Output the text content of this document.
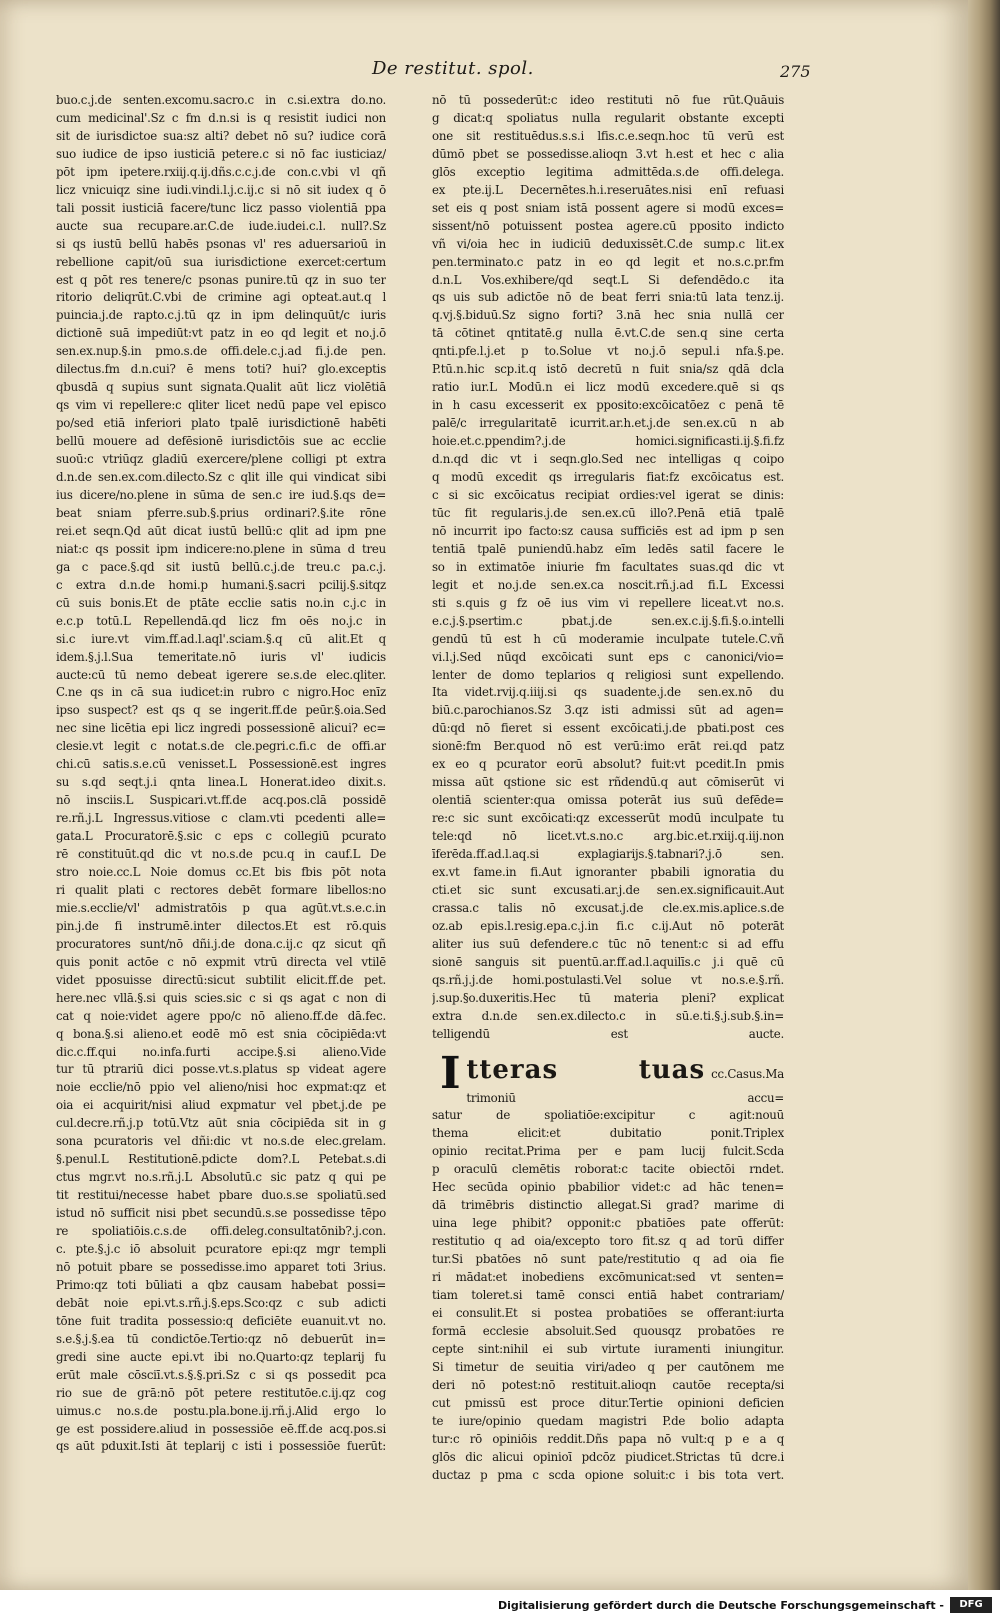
De restitut. spol.	275
buo.c.j.de senten.excomu.sacro.c in c.si.extra do.no.
cum medicinal'.Sz c fm d.n.si is q resistit iudici non
sit de iurisdictoe sua:sz alti? debet nō su? iudice corā
suo iudice de ipso iusticiā petere.c si nō fac iusticiaz/
pōt ipm ipetere.rxiij.q.ij.dñs.c.c.j.de con.c.vbi vl qñ
licz vnicuiqz sine iudi.vindi.l.j.c.ij.c si nō sit iudex q ō
tali possit iusticiā facere/tunc licz passo violentiā ppa
aucte sua recupare.ar.C.de iude.iudei.c.l. null?.Sz
si qs iustū bellū habēs psonas vl' res aduersarioū in
rebellione capit/oū sua iurisdictione exercet:certum
est q pōt res tenere/c psonas punire.tū qz in suo ter
ritorio deliqrūt.C.vbi de crimine agi opteat.aut.q l
puincia.j.de rapto.c.j.tū qz in ipm delinquūt/c iuris
dictionē suā impediūt:vt patz in eo qd legit et no.j.ō
sen.ex.nup.§.in pmo.s.de offi.dele.c.j.ad fi.j.de pen.
dilectus.fm d.n.cui? ē mens toti? hui? glo.exceptis
qbusdā q supius sunt signata.Qualit aūt licz violētiā
qs vim vi repellere:c qliter licet nedū pape vel episco
po/sed etiā inferiori plato tpalē iurisdictionē habēti
bellū mouere ad defēsionē iurisdictōis sue ac ecclie
suoū:c vtriūqz gladiū exercere/plene colligi pt extra
d.n.de sen.ex.com.dilecto.Sz c qlit ille qui vindicat sibi
ius dicere/no.plene in sūma de sen.c ire iud.§.qs de=
beat sniam pferre.sub.§.prius ordinari?.§.ite rōne
rei.et seqn.Qd aūt dicat iustū bellū:c qlit ad ipm pne
niat:c qs possit ipm indicere:no.plene in sūma d treu
ga c pace.§.qd sit iustū bellū.c.j.de treu.c pa.c.j.
c extra d.n.de homi.p humani.§.sacri pcilij.§.sitqz
cū suis bonis.Et de ptāte ecclie satis no.in c.j.c in
e.c.p totū.L Repellendā.qd licz fm oēs no.j.c in
si.c iure.vt vim.ff.ad.l.aql'.sciam.§.q cū alit.Et q
idem.§.j.l.Sua temeritate.nō iuris vl' iudicis
aucte:cū tū nemo debeat igerere se.s.de elec.qliter.
C.ne qs in cā sua iudicet:in rubro c nigro.Hoc enīz
ipso suspect? est qs q se ingerit.ff.de peūr.§.oia.Sed
nec sine licētia epi licz ingredi possessionē alicui? ec=
clesie.vt legit c notat.s.de cle.pegri.c.fi.c de offi.ar
chi.cū satis.s.e.cū venisset.L Possessionē.est ingres
su s.qd seqt.j.i qnta linea.L Honerat.ideo dixit.s.
nō insciis.L Suspicari.vt.ff.de acq.pos.clā possidē
re.rñ.j.L Ingressus.vitiose c clam.vti pcedenti alle=
gata.L Procuratorē.§.sic c eps c collegiū pcurato
rē constituūt.qd dic vt no.s.de pcu.q in cauf.L De
stro noie.cc.L Noie domus cc.Et bis fbis pōt nota
ri qualit plati c rectores debēt formare libellos:no
mie.s.ecclie/vl' admistratōis p qua agūt.vt.s.e.c.in
pin.j.de fi instrumē.inter dilectos.Et est rō.quis
procuratores sunt/nō dñi.j.de dona.c.ij.c qz sicut qñ
quis ponit actōe c nō expmit vtrū directa vel vtilē
videt pposuisse directū:sicut subtilit elicit.ff.de pet.
here.nec vllā.§.si quis scies.sic c si qs agat c non di
cat q noie:videt agere ppo/c nō alieno.ff.de dā.fec.
q bona.§.si alieno.et eodē mō est snia cōcipiēda:vt
dic.c.ff.qui no.infa.furti accipe.§.si alieno.Vide
tur tū ptrariū dici posse.vt.s.platus sp videat agere
noie ecclie/nō ppio vel alieno/nisi hoc expmat:qz et
oia ei acquirit/nisi aliud expmatur vel pbet.j.de pe
cul.decre.rñ.j.p totū.Vtz aūt snia cōcipiēda sit in g
sona pcuratoris vel dñi:dic vt no.s.de elec.grelam.
§.penul.L Restitutionē.pdicte dom?.L Petebat.s.di
ctus mgr.vt no.s.rñ.j.L Absolutū.c sic patz q qui pe
tit restitui/necesse habet pbare duo.s.se spoliatū.sed
istud nō sufficit nisi pbet secundū.s.se possedisse tēpo
re spoliatiōis.c.s.de offi.deleg.consultatōnib?.j.con.
c. pte.§.j.c iō absoluit pcuratore epi:qz mgr templi
nō potuit pbare se possedisse.imo apparet toti 3rius.
Primo:qz toti būliati a qbz causam habebat possi=
debāt noie epi.vt.s.rñ.j.§.eps.Sco:qz c sub adicti
tōne fuit tradita possessio:q deficiēte euanuit.vt no.
s.e.§.j.§.ea tū condictōe.Tertio:qz nō debuerūt in=
gredi sine aucte epi.vt ibi no.Quarto:qz teplarij fu
erūt male cōsciī.vt.s.§.§.pri.Sz c si qs possedit pca
rio sue de grā:nō pōt petere restitutōe.c.ij.qz cog
uimus.c no.s.de postu.pla.bone.ij.rñ.j.Alid ergo lo
ge est possidere.aliud in possessiōe eē.ff.de acq.pos.si
qs aūt pduxit.Isti āt teplarij c isti i possessiōe fuerūt:
nō tū possederūt:c ideo restituti nō fue rūt.Quāuis
g dicat:q spoliatus nulla regularit obstante excepti
one sit restituēdus.s.s.i lfis.c.e.seqn.hoc tū verū est
dūmō pbet se possedisse.alioqn 3.vt h.est et hec c alia
glōs exceptio legitima admittēda.s.de offi.delega.
ex pte.ij.L Decernētes.h.i.reseruātes.nisi enī refuasi
set eis q post sniam istā possent agere si modū exces=
sissent/nō potuissent postea agere.cū pposito indicto
vñ vi/oia hec in iudiciū deduxissēt.C.de sump.c lit.ex
pen.terminato.c patz in eo qd legit et no.s.c.pr.fm
d.n.L Vos.exhibere/qd seqt.L Si defendēdo.c ita
qs uis sub adictōe nō de beat ferri snia:tū lata tenz.ij.
q.vj.§.biduū.Sz signo forti? 3.nā hec snia nullā cer
tā cōtinet qntitatē.g nulla ē.vt.C.de sen.q sine certa
qnti.pfe.l.j.et p to.Solue vt no.j.ō sepul.i nfa.§.pe.
P.tū.n.hic scp.it.q istō decretū n fuit snia/sz qdā dcla
ratio iur.L Modū.n ei licz modū excedere.quē si qs
in h casu excesserit ex pposito:excōicatōez c penā tē
palē/c irregularitatē icurrit.ar.h.et.j.de sen.ex.cū n ab
hoie.et.c.ppendim?.j.de homici.significasti.ij.§.fi.fz
d.n.qd dic vt i seqn.glo.Sed nec intelligas q coipo
q modū excedit qs irregularis fiat:fz excōicatus est.
c si sic excōicatus recipiat ordies:vel igerat se dinis:
tūc fit regularis.j.de sen.ex.cū illo?.Penā etiā tpalē
nō incurrit ipo facto:sz causa sufficiēs est ad ipm p sen
tentiā tpalē puniendū.habz eīm ledēs satil facere le
so in extimatōe iniurie fm facultates suas.qd dic vt
legit et no.j.de sen.ex.ca noscit.rñ.j.ad fi.L Excessi
sti s.quis g fz oē ius vim vi repellere liceat.vt no.s.
e.c.j.§.psertim.c pbat.j.de sen.ex.c.ij.§.fi.§.o.intelli
gendū tū est h cū moderamie inculpate tutele.C.vñ
vi.l.j.Sed nūqd excōicati sunt eps c canonici/vio=
lenter de domo teplarios q religiosi sunt expellendo.
Ita videt.rvij.q.iiij.si qs suadente.j.de sen.ex.nō du
biū.c.parochianos.Sz 3.qz isti admissi sūt ad agen=
dū:qd nō fieret si essent excōicati.j.de pbati.post ces
sionē:fm Ber.quod nō est verū:imo erāt rei.qd patz
ex eo q pcurator eorū absolut? fuit:vt pcedit.In pmis
missa aūt qstione sic est rñdendū.q aut cōmiserūt vi
olentiā scienter:qua omissa poterāt ius suū defēde=
re:c sic sunt excōicati:qz excesserūt modū inculpate tu
tele:qd nō licet.vt.s.no.c arg.bic.et.rxiij.q.iij.non
īferēda.ff.ad.l.aq.si explagiarijs.§.tabnari?.j.ō sen.
ex.vt fame.in fi.Aut ignoranter pbabili ignoratia du
cti.et sic sunt excusati.ar.j.de sen.ex.significauit.Aut
crassa.c talis nō excusat.j.de cle.ex.mis.aplice.s.de
oz.ab epis.l.resig.epa.c.j.in fi.c c.ij.Aut nō poterāt
aliter ius suū defendere.c tūc nō tenent:c si ad effu
sionē sanguis sit puentū.ar.ff.ad.l.aquilīs.c j.i quē cū
qs.rñ.j.j.de homi.postulasti.Vel solue vt no.s.e.§.rñ.
j.sup.§o.duxeritis.Hec tū materia pleni? explicat
extra d.n.de sen.ex.dilecto.c in sū.e.ti.§.j.sub.§.in=
telligendū est aucte.
Itteras tuas cc.Casus.Ma
trimoniū accu=
satur de spoliatiōe:excipitur c agit:nouū
thema elicit:et dubitatio ponit.Triplex
opinio recitat.Prima per e pam lucij fulcit.Scda
p oraculū clemētis roborat:c tacite obiectōi rndet.
Hec secūda opinio pbabilior videt:c ad hāc tenen=
dā trimēbris distinctio allegat.Si grad? marime di
uina lege phibit? opponit:c pbatiōes pate offerūt:
restitutio q ad oia/excepto toro fit.sz q ad torū differ
tur.Si pbatōes nō sunt pate/restitutio q ad oia fie
ri mādat:et inobediens excōmunicat:sed vt senten=
tiam toleret.si tamē consci entiā habet contrariam/
ei consulit.Et si postea probatiōes se offerant:iurta
formā ecclesie absoluit.Sed quousqz probatōes re
cepte sint:nihil ei sub virtute iuramenti iniungitur.
Si timetur de seuitia viri/adeo q per cautōnem me
deri nō potest:nō restituit.alioqn cautōe recepta/si
cut pmissū est proce ditur.Tertie opinioni deficien
te iure/opinio quedam magistri P.de bolio adapta
tur:c rō opiniōis reddit.Dñs papa nō vult:q p e a q
glōs dic alicui opinioī pdcōz piudicet.Strictas tū dcre.i
ductaz p pma c scda opione soluit:c i bis tota vert.
Digitalisierung gefördert durch die Deutsche Forschungsgemeinschaft -	DFG
